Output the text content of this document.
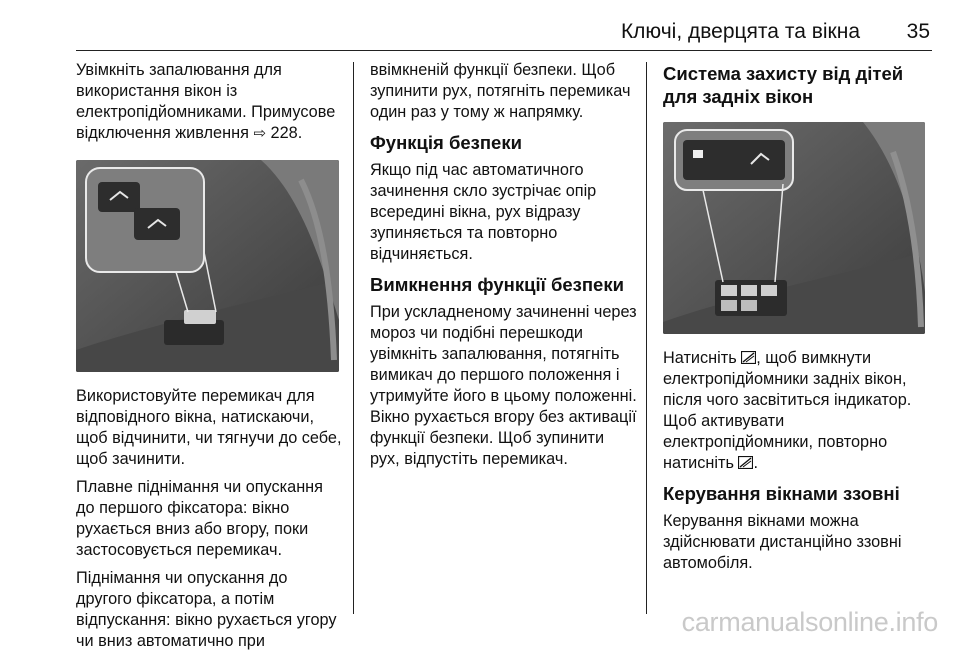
Ключі, дверцята та вікна	35

Увімкніть запалювання для використання вікон із електропідйомниками. Примусове відключення живлення ⇨ 228.

Використовуйте перемикач для відповідного вікна, натискаючи, щоб відчинити, чи тягнучи до себе, щоб зачинити.

Плавне піднімання чи опускання до першого фіксатора: вікно рухається вниз або вгору, поки застосовується перемикач.

Піднімання чи опускання до другого фіксатора, а потім відпускання: вікно рухається угору чи вниз автоматично при

ввімкненій функції безпеки. Щоб зупинити рух, потягніть перемикач один раз у тому ж напрямку.

Функція безпеки

Якщо під час автоматичного зачинення скло зустрічає опір всередині вікна, рух відразу зупиняється та повторно відчиняється.

Вимкнення функції безпеки

При ускладненому зачиненні через мороз чи подібні перешкоди увімкніть запалювання, потягніть вимикач до першого положення і утримуйте його в цьому положенні. Вікно рухається вгору без активації функції безпеки. Щоб зупинити рух, відпустіть перемикач.

Система захисту від дітей для задніх вікон

Натисніть , щоб вимкнути електропідйомники задніх вікон, після чого засвітиться індикатор. Щоб активувати електропідйомники, повторно натисніть .

Керування вікнами ззовні

Керування вікнами можна здійснювати дистанційно ззовні автомобіля.

carmanualsonline.info
